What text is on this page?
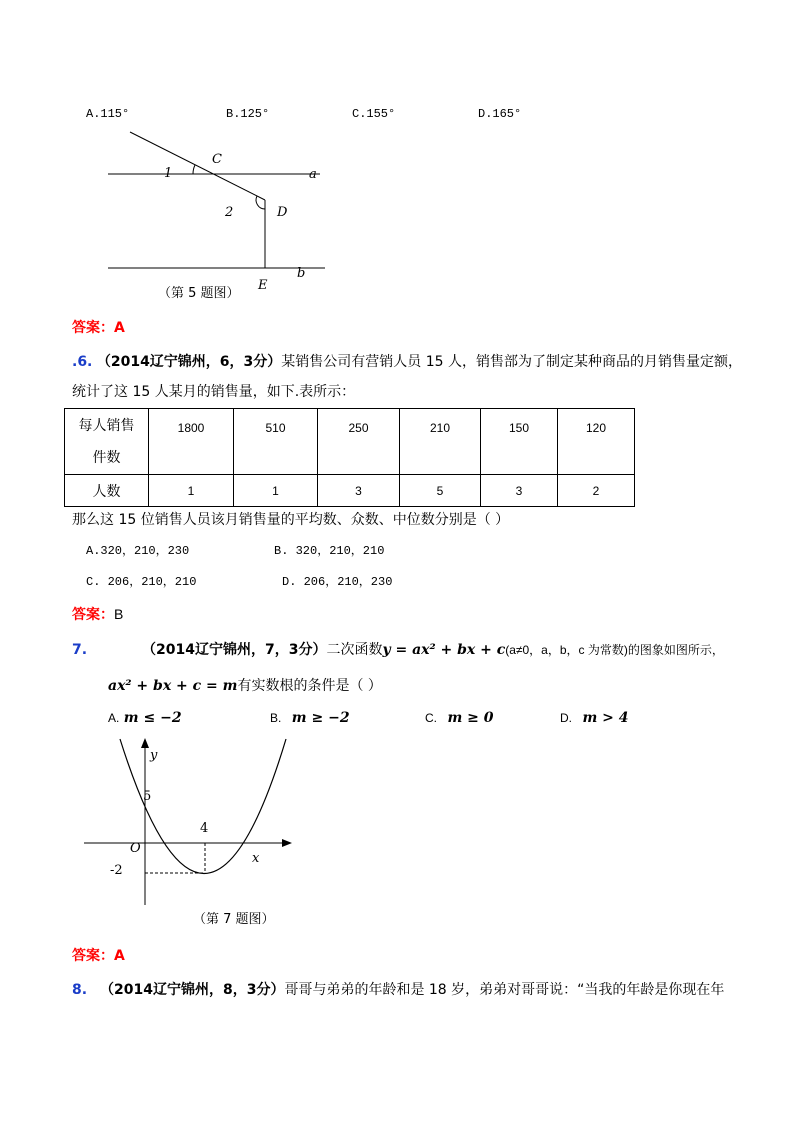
A.115°	B.125°	C.155°	D.165°
1
C
a
2	D
b
E
（第 5 题图）
答案：A
.6. （2014辽宁锦州，6，3分）某销售公司有营销人员 15 人，销售部为了制定某种商品的月销售量定额，
统计了这 15 人某月的销售量，如下.表所示：
每人销售
件数	1800	510	250	210	150	120
人数	1	1	3	5	3	2
那么这 15 位销售人员该月销售量的平均数、众数、中位数分别是（ ）
A.320，210，230	B. 320，210，210
C. 206，210，210	D. 206，210，230
答案：B
7.	（2014辽宁锦州，7，3分）二次函数y = ax² + bx + c(a≠0，a，b，c 为常数)的图象如图所示，
ax² + bx + c = m有实数根的条件是（ ）
A. m ≤ −2	B. m ≥ −2	C. m ≥ 0	D. m > 4
y
O
x
5
4
-2
（第 7 题图）
答案：A
8. （2014辽宁锦州，8，3分）哥哥与弟弟的年龄和是 18 岁，弟弟对哥哥说：“当我的年龄是你现在年
